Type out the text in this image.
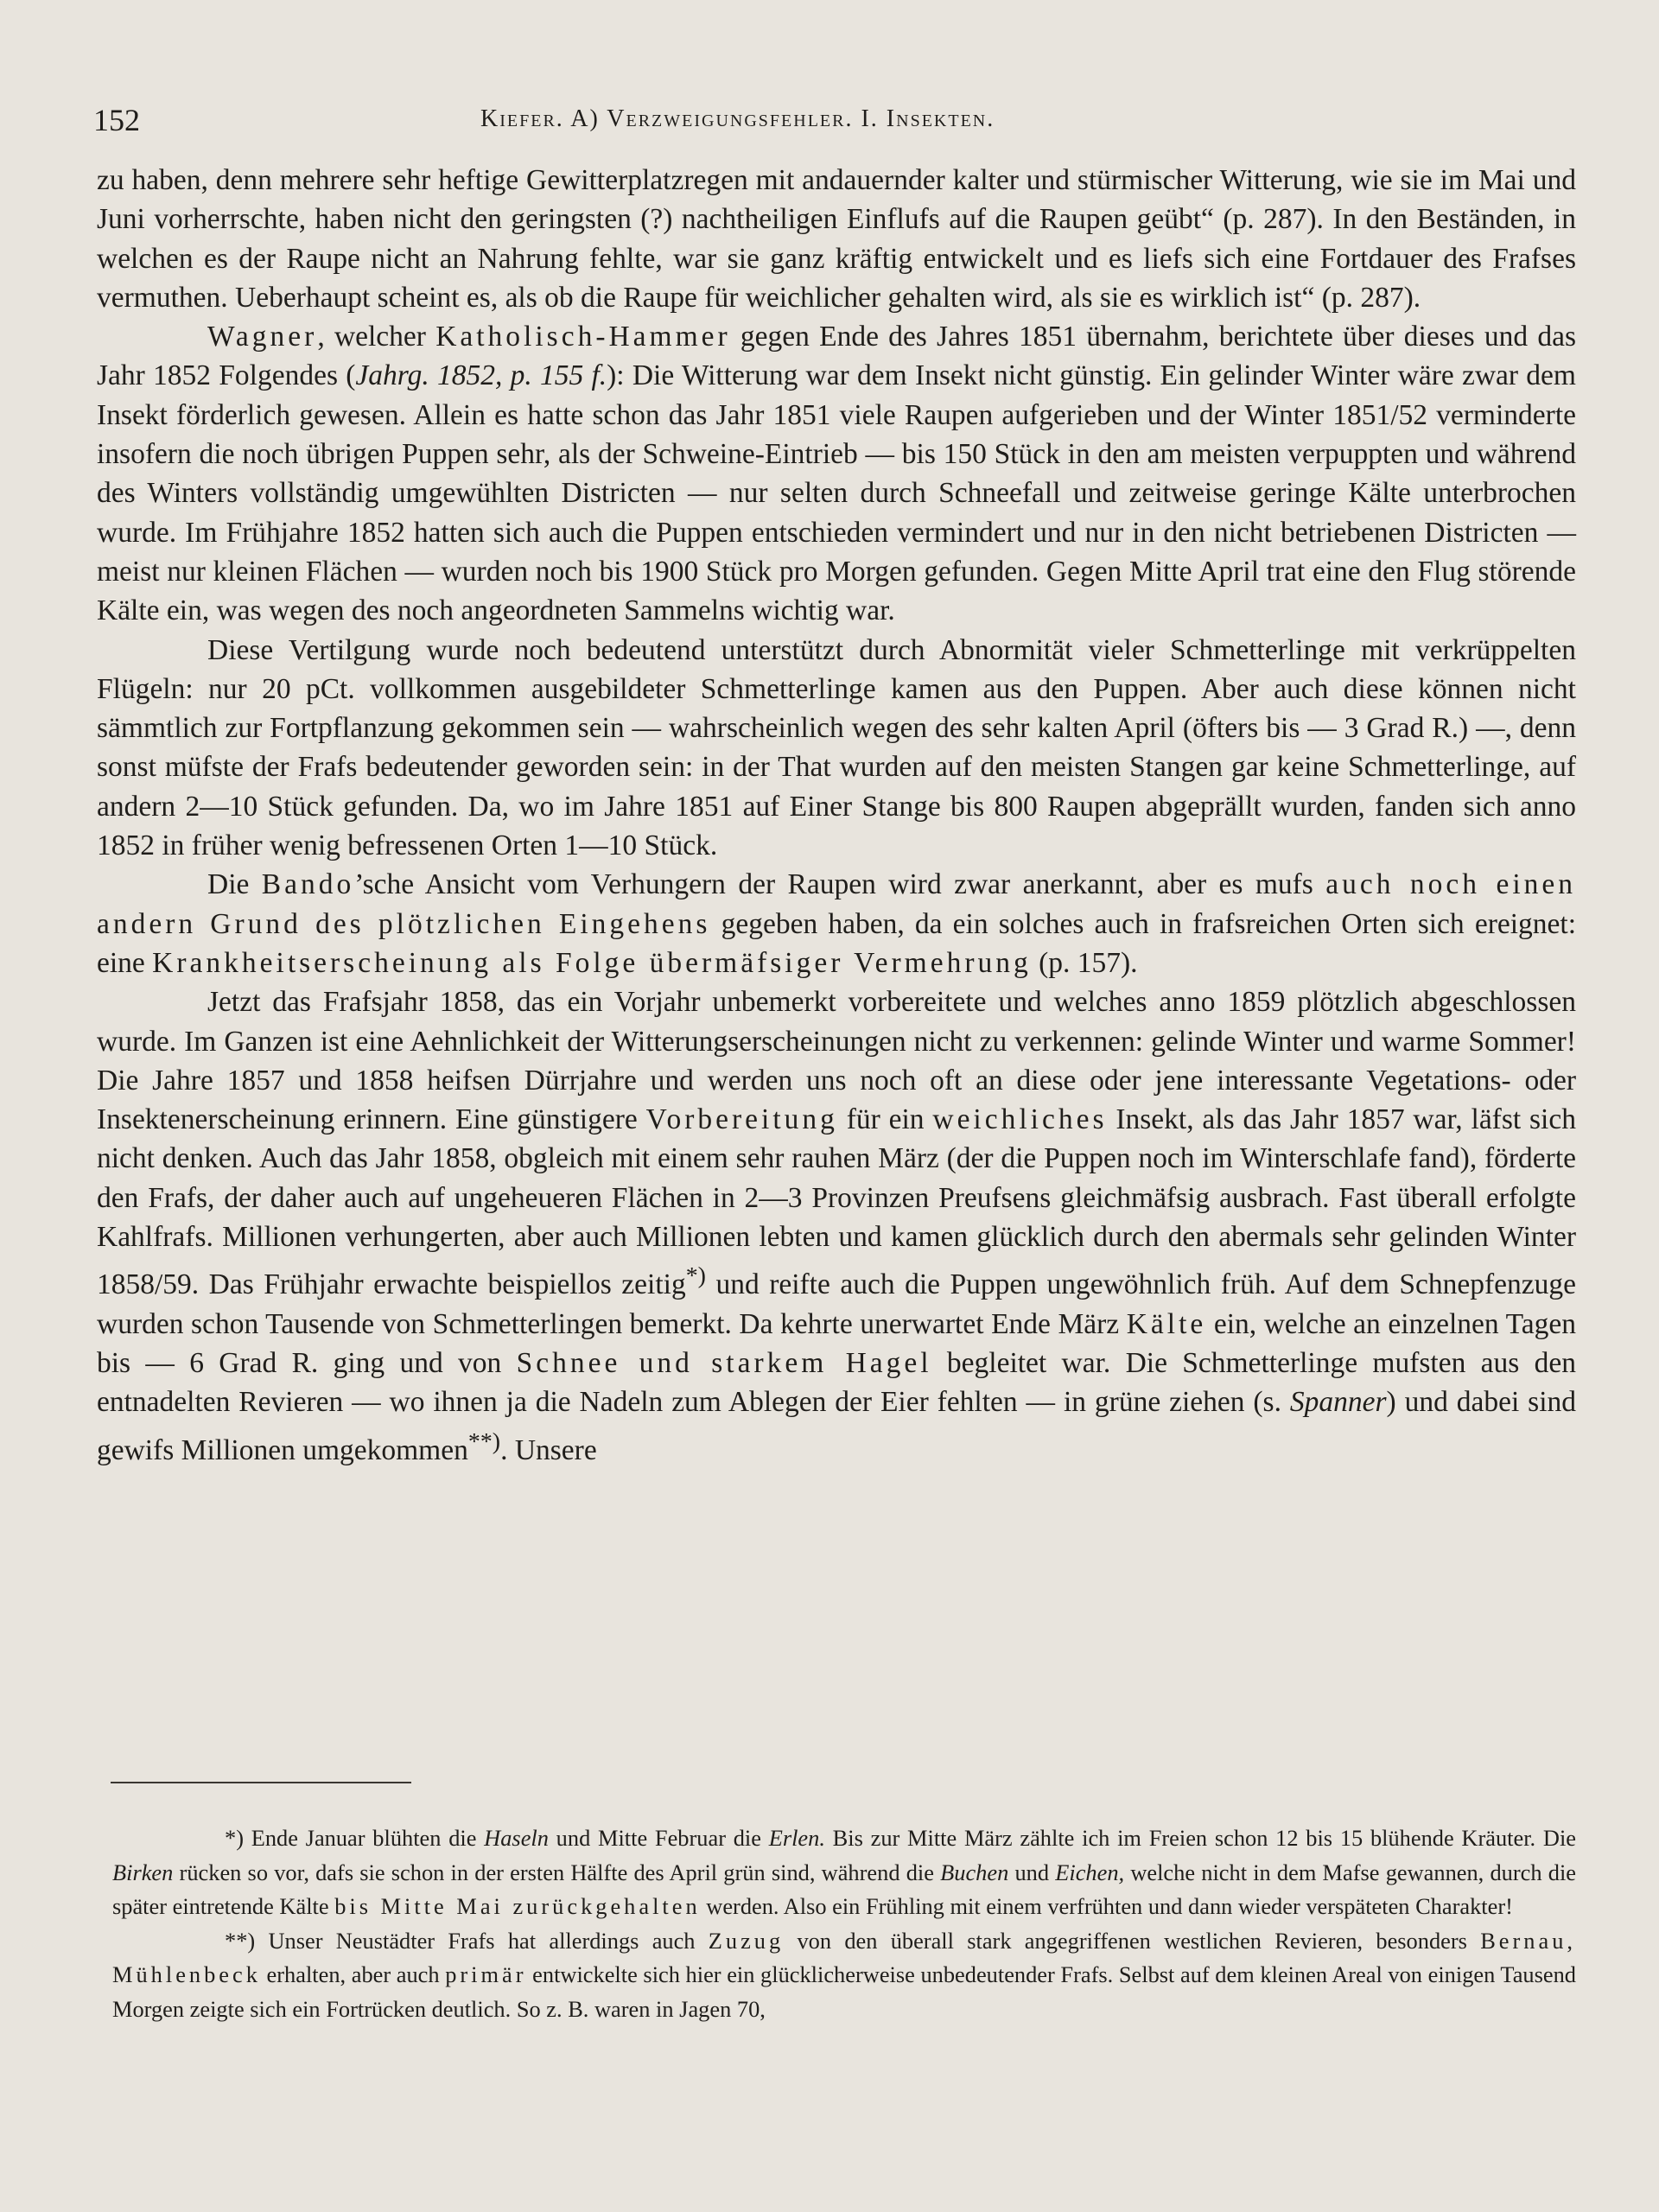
152	Kiefer. A) Verzweigungsfehler. I. Insekten.

zu haben, denn mehrere sehr heftige Gewitterplatzregen mit andauernder kalter und stürmischer Witterung, wie sie im Mai und Juni vorherrschte, haben nicht den geringsten (?) nachtheiligen Einflufs auf die Raupen geübt“ (p. 287). In den Beständen, in welchen es der Raupe nicht an Nahrung fehlte, war sie ganz kräftig entwickelt und es liefs sich eine Fortdauer des Frafses vermuthen. Ueberhaupt scheint es, als ob die Raupe für weichlicher gehalten wird, als sie es wirklich ist“ (p. 287).

Wagner, welcher Katholisch-Hammer gegen Ende des Jahres 1851 übernahm, berichtete über dieses und das Jahr 1852 Folgendes (Jahrg. 1852, p. 155 f.): Die Witterung war dem Insekt nicht günstig. Ein gelinder Winter wäre zwar dem Insekt förderlich gewesen. Allein es hatte schon das Jahr 1851 viele Raupen aufgerieben und der Winter 1851/52 verminderte insofern die noch übrigen Puppen sehr, als der Schweine-Eintrieb — bis 150 Stück in den am meisten verpuppten und während des Winters vollständig umgewühlten Districten — nur selten durch Schneefall und zeitweise geringe Kälte unterbrochen wurde. Im Frühjahre 1852 hatten sich auch die Puppen entschieden vermindert und nur in den nicht betriebenen Districten — meist nur kleinen Flächen — wurden noch bis 1900 Stück pro Morgen gefunden. Gegen Mitte April trat eine den Flug störende Kälte ein, was wegen des noch angeordneten Sammelns wichtig war.

Diese Vertilgung wurde noch bedeutend unterstützt durch Abnormität vieler Schmetterlinge mit verkrüppelten Flügeln: nur 20 pCt. vollkommen ausgebildeter Schmetterlinge kamen aus den Puppen. Aber auch diese können nicht sämmtlich zur Fortpflanzung gekommen sein — wahrscheinlich wegen des sehr kalten April (öfters bis — 3 Grad R.) —, denn sonst müfste der Frafs bedeutender geworden sein: in der That wurden auf den meisten Stangen gar keine Schmetterlinge, auf andern 2—10 Stück gefunden. Da, wo im Jahre 1851 auf Einer Stange bis 800 Raupen abgeprällt wurden, fanden sich anno 1852 in früher wenig befressenen Orten 1—10 Stück.

Die Bando’sche Ansicht vom Verhungern der Raupen wird zwar anerkannt, aber es mufs auch noch einen andern Grund des plötzlichen Eingehens gegeben haben, da ein solches auch in frafsreichen Orten sich ereignet: eine Krankheitserscheinung als Folge übermäfsiger Vermehrung (p. 157).

Jetzt das Frafsjahr 1858, das ein Vorjahr unbemerkt vorbereitete und welches anno 1859 plötzlich abgeschlossen wurde. Im Ganzen ist eine Aehnlichkeit der Witterungserscheinungen nicht zu verkennen: gelinde Winter und warme Sommer! Die Jahre 1857 und 1858 heifsen Dürrjahre und werden uns noch oft an diese oder jene interessante Vegetations- oder Insektenerscheinung erinnern. Eine günstigere Vorbereitung für ein weichliches Insekt, als das Jahr 1857 war, läfst sich nicht denken. Auch das Jahr 1858, obgleich mit einem sehr rauhen März (der die Puppen noch im Winterschlafe fand), förderte den Frafs, der daher auch auf ungeheueren Flächen in 2—3 Provinzen Preufsens gleichmäfsig ausbrach. Fast überall erfolgte Kahlfrafs. Millionen verhungerten, aber auch Millionen lebten und kamen glücklich durch den abermals sehr gelinden Winter 1858/59. Das Frühjahr erwachte beispiellos zeitig*) und reifte auch die Puppen ungewöhnlich früh. Auf dem Schnepfenzuge wurden schon Tausende von Schmetterlingen bemerkt. Da kehrte unerwartet Ende März Kälte ein, welche an einzelnen Tagen bis — 6 Grad R. ging und von Schnee und starkem Hagel begleitet war. Die Schmetterlinge mufsten aus den entnadelten Revieren — wo ihnen ja die Nadeln zum Ablegen der Eier fehlten — in grüne ziehen (s. Spanner) und dabei sind gewifs Millionen umgekommen**). Unsere

*) Ende Januar blühten die Haseln und Mitte Februar die Erlen. Bis zur Mitte März zählte ich im Freien schon 12 bis 15 blühende Kräuter. Die Birken rücken so vor, dafs sie schon in der ersten Hälfte des April grün sind, während die Buchen und Eichen, welche nicht in dem Mafse gewannen, durch die später eintretende Kälte bis Mitte Mai zurückgehalten werden. Also ein Frühling mit einem verfrühten und dann wieder verspäteten Charakter!

**) Unser Neustädter Frafs hat allerdings auch Zuzug von den überall stark angegriffenen westlichen Revieren, besonders Bernau, Mühlenbeck erhalten, aber auch primär entwickelte sich hier ein glücklicherweise unbedeutender Frafs. Selbst auf dem kleinen Areal von einigen Tausend Morgen zeigte sich ein Fortrücken deutlich. So z. B. waren in Jagen 70,
